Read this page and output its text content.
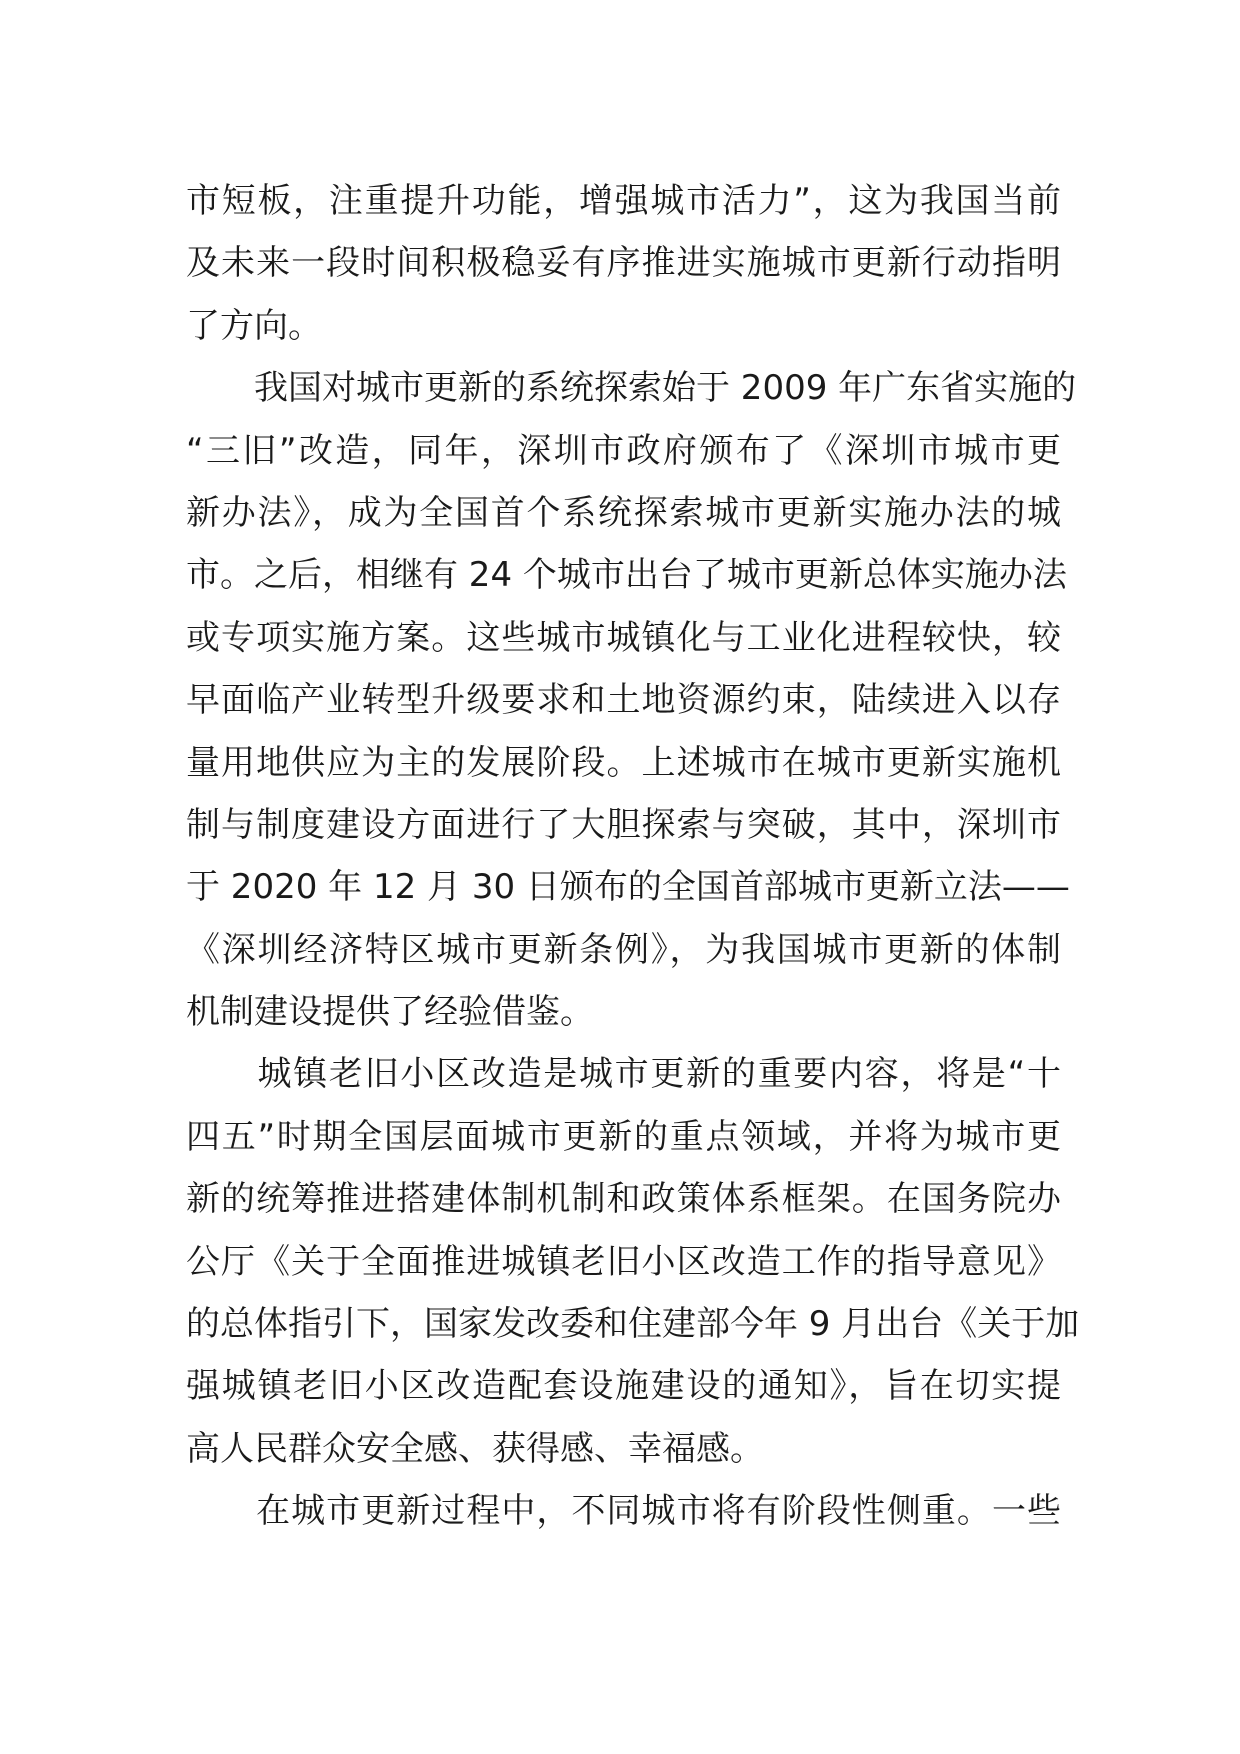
市短板，注重提升功能，增强城市活力”，这为我国当前
及未来一段时间积极稳妥有序推进实施城市更新行动指明
了方向。
　　我国对城市更新的系统探索始于 2009 年广东省实施的
“三旧”改造，同年，深圳市政府颁布了《深圳市城市更
新办法》，成为全国首个系统探索城市更新实施办法的城
市。之后，相继有 24 个城市出台了城市更新总体实施办法
或专项实施方案。这些城市城镇化与工业化进程较快，较
早面临产业转型升级要求和土地资源约束，陆续进入以存
量用地供应为主的发展阶段。上述城市在城市更新实施机
制与制度建设方面进行了大胆探索与突破，其中，深圳市
于 2020 年 12 月 30 日颁布的全国首部城市更新立法——
《深圳经济特区城市更新条例》，为我国城市更新的体制
机制建设提供了经验借鉴。
　　城镇老旧小区改造是城市更新的重要内容，将是“十
四五”时期全国层面城市更新的重点领域，并将为城市更
新的统筹推进搭建体制机制和政策体系框架。在国务院办
公厅《关于全面推进城镇老旧小区改造工作的指导意见》
的总体指引下，国家发改委和住建部今年 9 月出台《关于加
强城镇老旧小区改造配套设施建设的通知》，旨在切实提
高人民群众安全感、获得感、幸福感。
　　在城市更新过程中，不同城市将有阶段性侧重。一些
